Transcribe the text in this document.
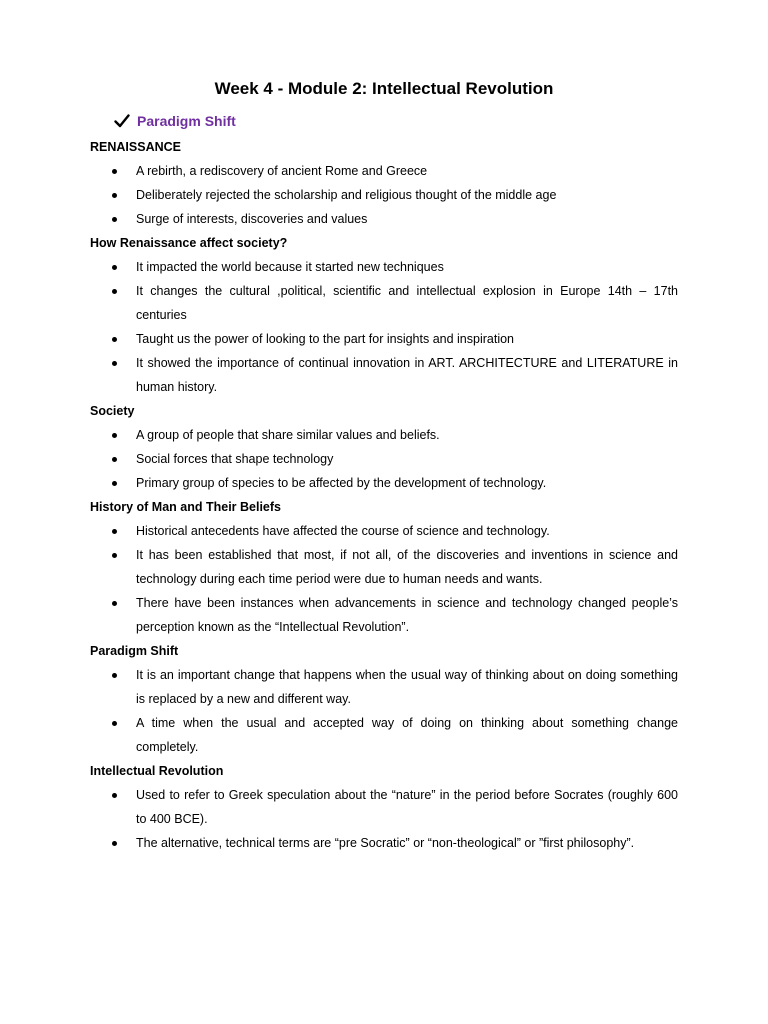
Week 4 - Module 2: Intellectual Revolution
Paradigm Shift
RENAISSANCE
A rebirth, a rediscovery of ancient Rome and Greece
Deliberately rejected the scholarship and religious thought of the middle age
Surge of interests, discoveries and values
How Renaissance affect society?
It impacted the world because it started new techniques
It changes the cultural ,political, scientific and intellectual explosion in Europe 14th – 17th centuries
Taught us the power of looking to the part for insights and inspiration
It showed the importance of continual innovation in ART. ARCHITECTURE and LITERATURE in human history.
Society
A group of people that share similar values and beliefs.
Social forces that shape technology
Primary group of species to be affected by the development of technology.
History of Man and Their Beliefs
Historical antecedents have affected the course of science and technology.
It has been established that most, if not all, of the discoveries and inventions in science and technology during each time period were due to human needs and wants.
There have been instances when advancements in science and technology changed people’s perception known as the “Intellectual Revolution”.
Paradigm Shift
It is an important change that happens when the usual way of thinking about on doing something is replaced by a new and different way.
A time when the usual and accepted way of doing on thinking about something change completely.
Intellectual Revolution
Used to refer to Greek speculation about the “nature” in the period before Socrates (roughly 600 to 400 BCE).
The alternative, technical terms are “pre Socratic” or “non-theological” or ”first philosophy”.
